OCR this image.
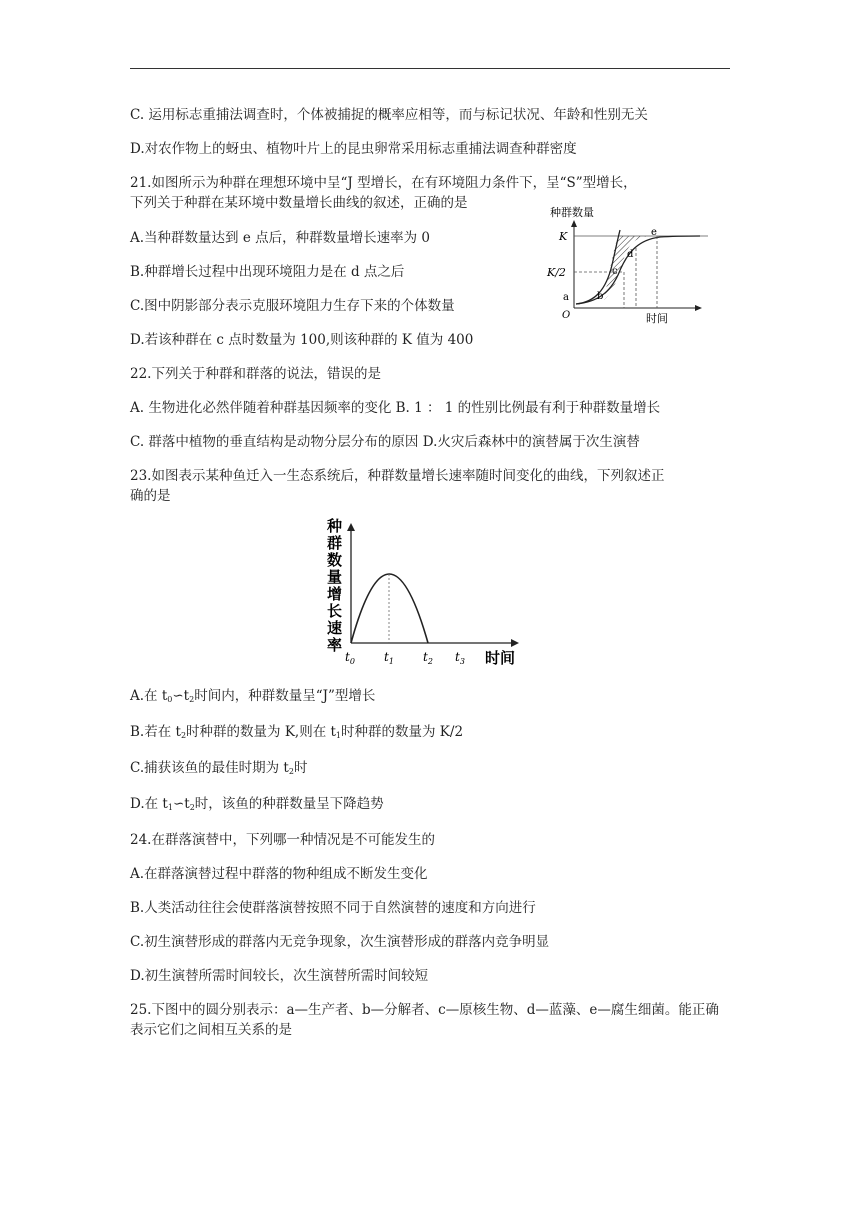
C. 运用标志重捕法调查时，个体被捕捉的概率应相等，而与标记状况、年龄和性别无关
D.对农作物上的蚜虫、植物叶片上的昆虫卵常采用标志重捕法调查种群密度
21.如图所示为种群在理想环境中呈“J 型增长，在有环境阻力条件下，呈“S”型增长，
下列关于种群在某环境中数量增长曲线的叙述，正确的是
A.当种群数量达到 e 点后，种群数量增长速率为 0
B.种群增长过程中出现环境阻力是在 d 点之后
C.图中阴影部分表示克服环境阻力生存下来的个体数量
D.若该种群在 c 点时数量为 100,则该种群的 K 值为 400
种群数量
K
K/2
a	b
c
d
e
O	时间
22.下列关于种群和群落的说法，错误的是
A. 生物进化必然伴随着种群基因频率的变化 B. 1 ： 1 的性别比例最有利于种群数量增长
C. 群落中植物的垂直结构是动物分层分布的原因 D.火灾后森林中的演替属于次生演替
23.如图表示某种鱼迁入一生态系统后，种群数量增长速率随时间变化的曲线，下列叙述正
确的是
种
群
数
量
增
长
速
率
$t_0$ $t_1$ $t_2$ $t_3$ 时间
A.在 $t_0∽t_2$时间内，种群数量呈“J”型增长
B.若在 $t_2$时种群的数量为 K,则在 $t_1$时种群的数量为 K/2
C.捕获该鱼的最佳时期为 $t_2$时
D.在 $t_1∽t_2$时，该鱼的种群数量呈下降趋势
24.在群落演替中，下列哪一种情况是不可能发生的
A.在群落演替过程中群落的物种组成不断发生变化
B.人类活动往往会使群落演替按照不同于自然演替的速度和方向进行
C.初生演替形成的群落内无竞争现象，次生演替形成的群落内竞争明显
D.初生演替所需时间较长，次生演替所需时间较短
25.下图中的圆分别表示：a—生产者、b—分解者、c—原核生物、d—蓝藻、e—腐生细菌。能正确表示它们之间相互关系的是
